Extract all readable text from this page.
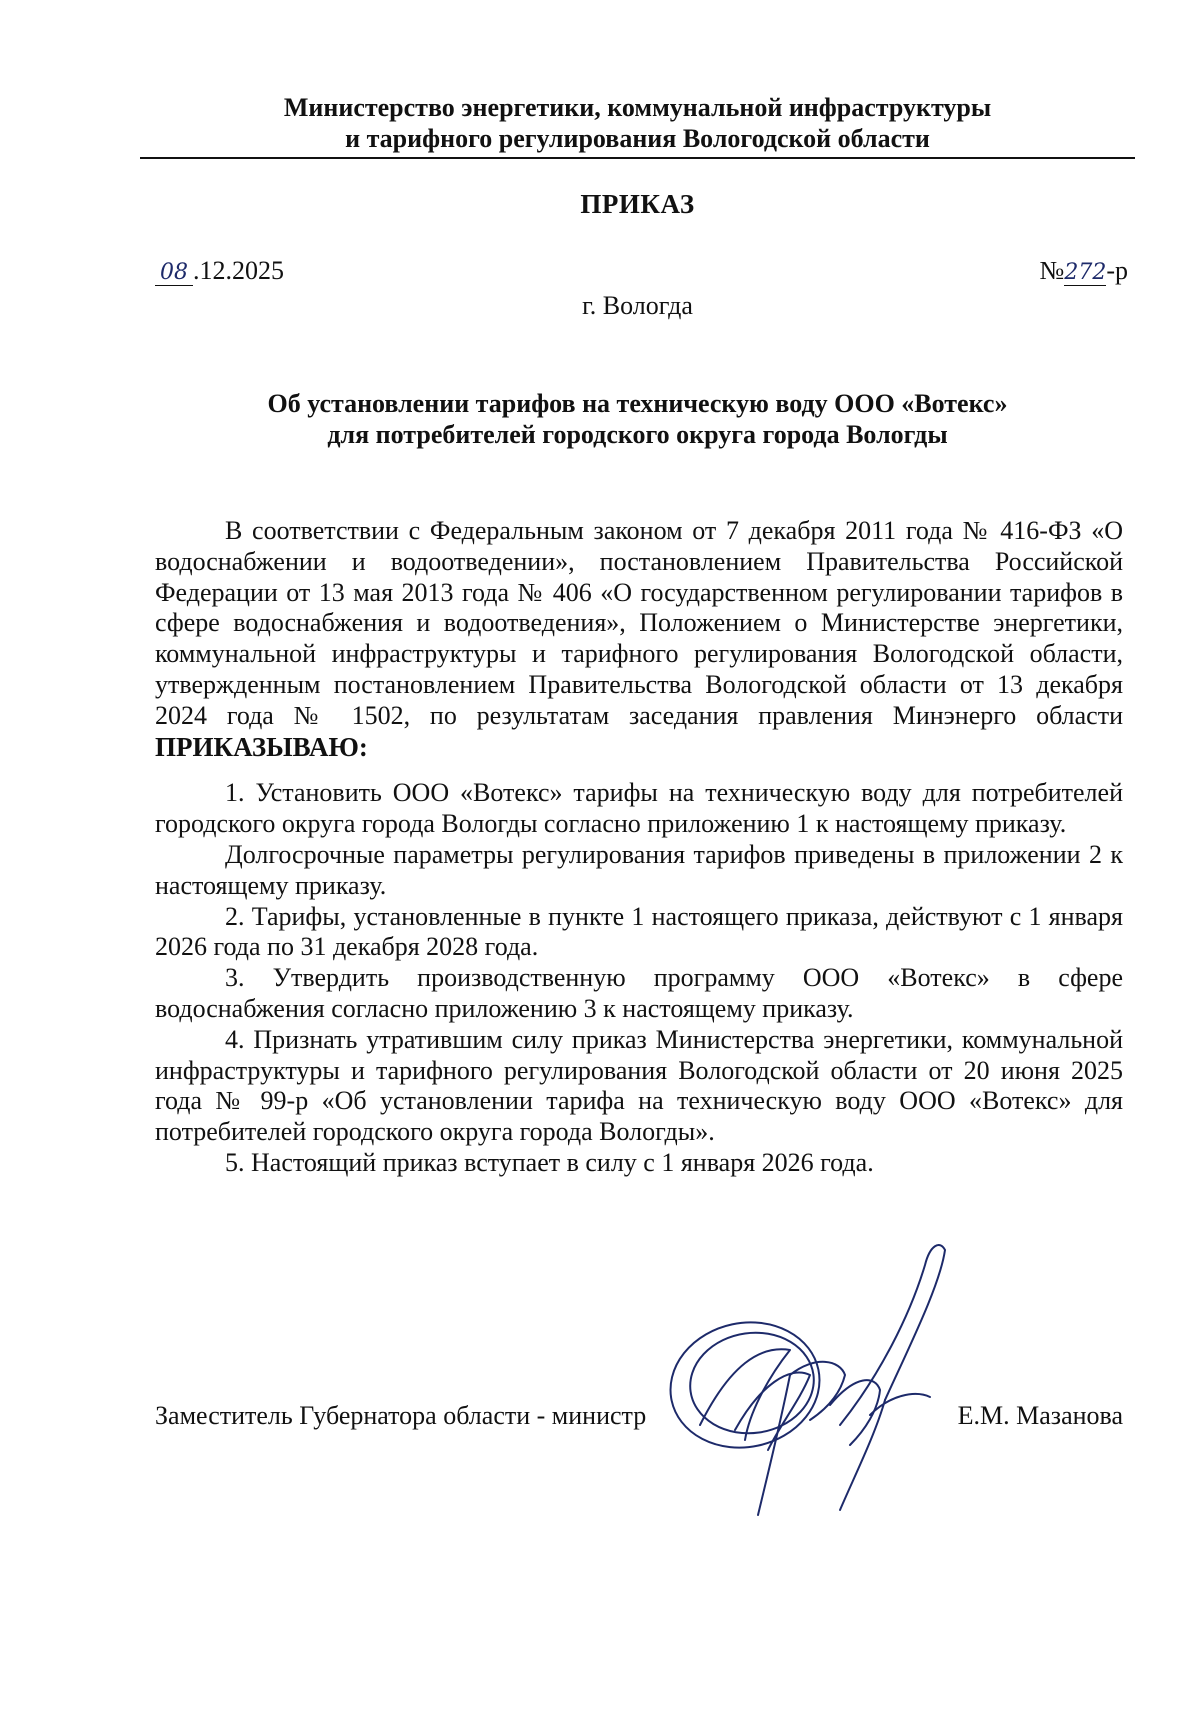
Министерство энергетики, коммунальной инфраструктуры
и тарифного регулирования Вологодской области
ПРИКАЗ
08 .12.2025	№272-р
г. Вологда
Об установлении тарифов на техническую воду ООО «Вотекс»
для потребителей городского округа города Вологды

В соответствии с Федеральным законом от 7 декабря 2011 года № 416-ФЗ «О водоснабжении и водоотведении», постановлением Правительства Российской Федерации от 13 мая 2013 года № 406 «О государственном регулировании тарифов в сфере водоснабжения и водоотведения», Положением о Министерстве энергетики, коммунальной инфраструктуры и тарифного регулирования Вологодской области, утвержденным постановлением Правительства Вологодской области от 13 декабря 2024 года № 1502, по результатам заседания правления Минэнерго области

ПРИКАЗЫВАЮ:

1. Установить ООО «Вотекс» тарифы на техническую воду для потребителей городского округа города Вологды согласно приложению 1 к настоящему приказу.

Долгосрочные параметры регулирования тарифов приведены в приложении 2 к настоящему приказу.

2. Тарифы, установленные в пункте 1 настоящего приказа, действуют с 1 января 2026 года по 31 декабря 2028 года.

3. Утвердить производственную программу ООО «Вотекс» в сфере водоснабжения согласно приложению 3 к настоящему приказу.

4. Признать утратившим силу приказ Министерства энергетики, коммунальной инфраструктуры и тарифного регулирования Вологодской области от 20 июня 2025 года № 99-р «Об установлении тарифа на техническую воду ООО «Вотекс» для потребителей городского округа города Вологды».

5. Настоящий приказ вступает в силу с 1 января 2026 года.

Заместитель Губернатора области - министр	Е.М. Мазанова
